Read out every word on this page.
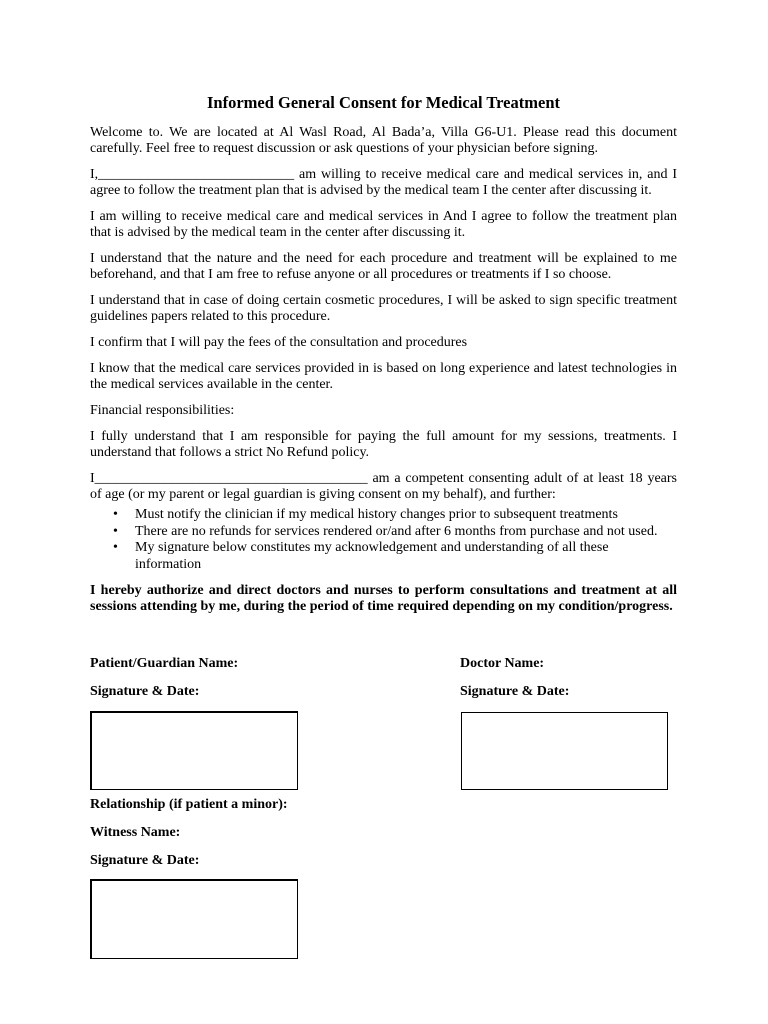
Informed General Consent for Medical Treatment

Welcome to. We are located at Al Wasl Road, Al Bada’a, Villa G6-U1. Please read this document carefully. Feel free to request discussion or ask questions of your physician before signing.

I,____________________________ am willing to receive medical care and medical services in, and I agree to follow the treatment plan that is advised by the medical team I the center after discussing it.

I am willing to receive medical care and medical services in And I agree to follow the treatment plan that is advised by the medical team in the center after discussing it.

I understand that the nature and the need for each procedure and treatment will be explained to me beforehand, and that I am free to refuse anyone or all procedures or treatments if I so choose.

I understand that in case of doing certain cosmetic procedures, I will be asked to sign specific treatment guidelines papers related to this procedure.

I confirm that I will pay the fees of the consultation and procedures

I know that the medical care services provided in is based on long experience and latest technologies in the medical services available in the center.

Financial responsibilities:

I fully understand that I am responsible for paying the full amount for my sessions, treatments. I understand that follows a strict No Refund policy.

I_______________________________________ am a competent consenting adult of at least 18 years of age (or my parent or legal guardian is giving consent on my behalf), and further:

• Must notify the clinician if my medical history changes prior to subsequent treatments
• There are no refunds for services rendered or/and after 6 months from purchase and not used.
• My signature below constitutes my acknowledgement and understanding of all these information

I hereby authorize and direct doctors and nurses to perform consultations and treatment at all sessions attending by me, during the period of time required depending on my condition/progress.

Patient/Guardian Name:	Doctor Name:
Signature & Date:	Signature & Date:
Relationship (if patient a minor):
Witness Name:
Signature & Date:
